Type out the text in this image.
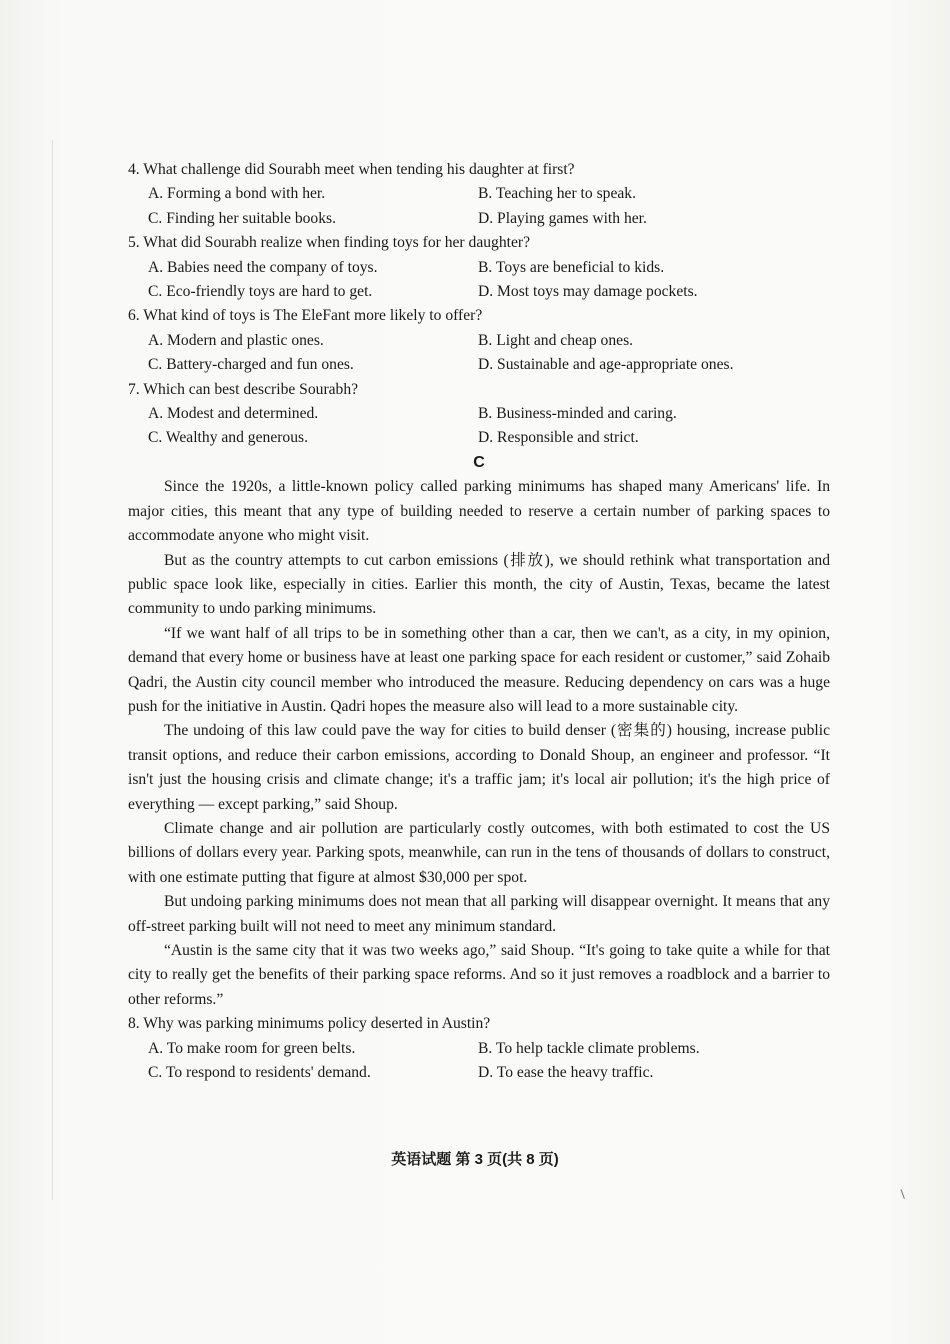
4. What challenge did Sourabh meet when tending his daughter at first?

A. Forming a bond with her.	B. Teaching her to speak.
C. Finding her suitable books.	D. Playing games with her.

5. What did Sourabh realize when finding toys for her daughter?

A. Babies need the company of toys.	B. Toys are beneficial to kids.
C. Eco-friendly toys are hard to get.	D. Most toys may damage pockets.

6. What kind of toys is The EleFant more likely to offer?

A. Modern and plastic ones.	B. Light and cheap ones.
C. Battery-charged and fun ones.	D. Sustainable and age-appropriate ones.

7. Which can best describe Sourabh?

A. Modest and determined.	B. Business-minded and caring.
C. Wealthy and generous.	D. Responsible and strict.

C

Since the 1920s, a little-known policy called parking minimums has shaped many Americans' life. In major cities, this meant that any type of building needed to reserve a certain number of parking spaces to accommodate anyone who might visit.

But as the country attempts to cut carbon emissions (排放), we should rethink what transportation and public space look like, especially in cities. Earlier this month, the city of Austin, Texas, became the latest community to undo parking minimums.

“If we want half of all trips to be in something other than a car, then we can't, as a city, in my opinion, demand that every home or business have at least one parking space for each resident or customer,” said Zohaib Qadri, the Austin city council member who introduced the measure. Reducing dependency on cars was a huge push for the initiative in Austin. Qadri hopes the measure also will lead to a more sustainable city.

The undoing of this law could pave the way for cities to build denser (密集的) housing, increase public transit options, and reduce their carbon emissions, according to Donald Shoup, an engineer and professor. “It isn't just the housing crisis and climate change; it's a traffic jam; it's local air pollution; it's the high price of everything — except parking,” said Shoup.

Climate change and air pollution are particularly costly outcomes, with both estimated to cost the US billions of dollars every year. Parking spots, meanwhile, can run in the tens of thousands of dollars to construct, with one estimate putting that figure at almost $30,000 per spot.

But undoing parking minimums does not mean that all parking will disappear overnight. It means that any off-street parking built will not need to meet any minimum standard.

“Austin is the same city that it was two weeks ago,” said Shoup. “It's going to take quite a while for that city to really get the benefits of their parking space reforms. And so it just removes a roadblock and a barrier to other reforms.”

8. Why was parking minimums policy deserted in Austin?

A. To make room for green belts.	B. To help tackle climate problems.
C. To respond to residents' demand.	D. To ease the heavy traffic.
英语试题 第 3 页(共 8 页)
